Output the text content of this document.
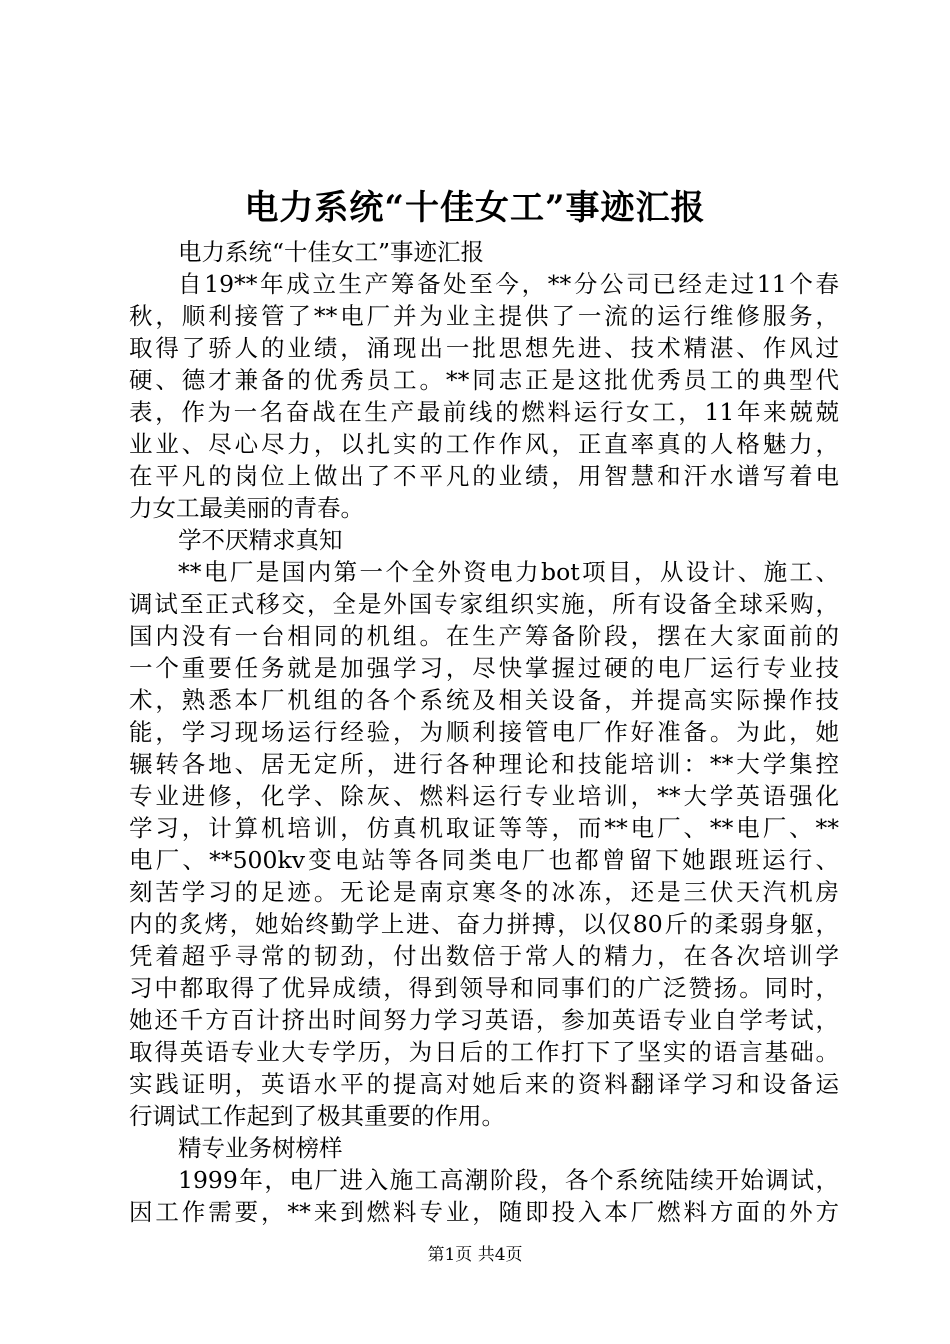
电力系统“十佳女工”事迹汇报
电力系统“十佳女工”事迹汇报
自19**年成立生产筹备处至今，**分公司已经走过11个春
秋，顺利接管了**电厂并为业主提供了一流的运行维修服务，
取得了骄人的业绩，涌现出一批思想先进、技术精湛、作风过
硬、德才兼备的优秀员工。**同志正是这批优秀员工的典型代
表，作为一名奋战在生产最前线的燃料运行女工，11年来兢兢
业业、尽心尽力，以扎实的工作作风，正直率真的人格魅力，
在平凡的岗位上做出了不平凡的业绩，用智慧和汗水谱写着电
力女工最美丽的青春。
学不厌精求真知
**电厂是国内第一个全外资电力bot项目，从设计、施工、
调试至正式移交，全是外国专家组织实施，所有设备全球采购，
国内没有一台相同的机组。在生产筹备阶段，摆在大家面前的
一个重要任务就是加强学习，尽快掌握过硬的电厂运行专业技
术，熟悉本厂机组的各个系统及相关设备，并提高实际操作技
能，学习现场运行经验，为顺利接管电厂作好准备。为此，她
辗转各地、居无定所，进行各种理论和技能培训：**大学集控
专业进修，化学、除灰、燃料运行专业培训，**大学英语强化
学习，计算机培训，仿真机取证等等，而**电厂、**电厂、**
电厂、**500kv变电站等各同类电厂也都曾留下她跟班运行、
刻苦学习的足迹。无论是南京寒冬的冰冻，还是三伏天汽机房
内的炙烤，她始终勤学上进、奋力拼搏，以仅80斤的柔弱身躯，
凭着超乎寻常的韧劲，付出数倍于常人的精力，在各次培训学
习中都取得了优异成绩，得到领导和同事们的广泛赞扬。同时，
她还千方百计挤出时间努力学习英语，参加英语专业自学考试，
取得英语专业大专学历，为日后的工作打下了坚实的语言基础。
实践证明，英语水平的提高对她后来的资料翻译学习和设备运
行调试工作起到了极其重要的作用。
精专业务树榜样
1999年，电厂进入施工高潮阶段，各个系统陆续开始调试，
因工作需要，**来到燃料专业，随即投入本厂燃料方面的外方
第1页 共4页
